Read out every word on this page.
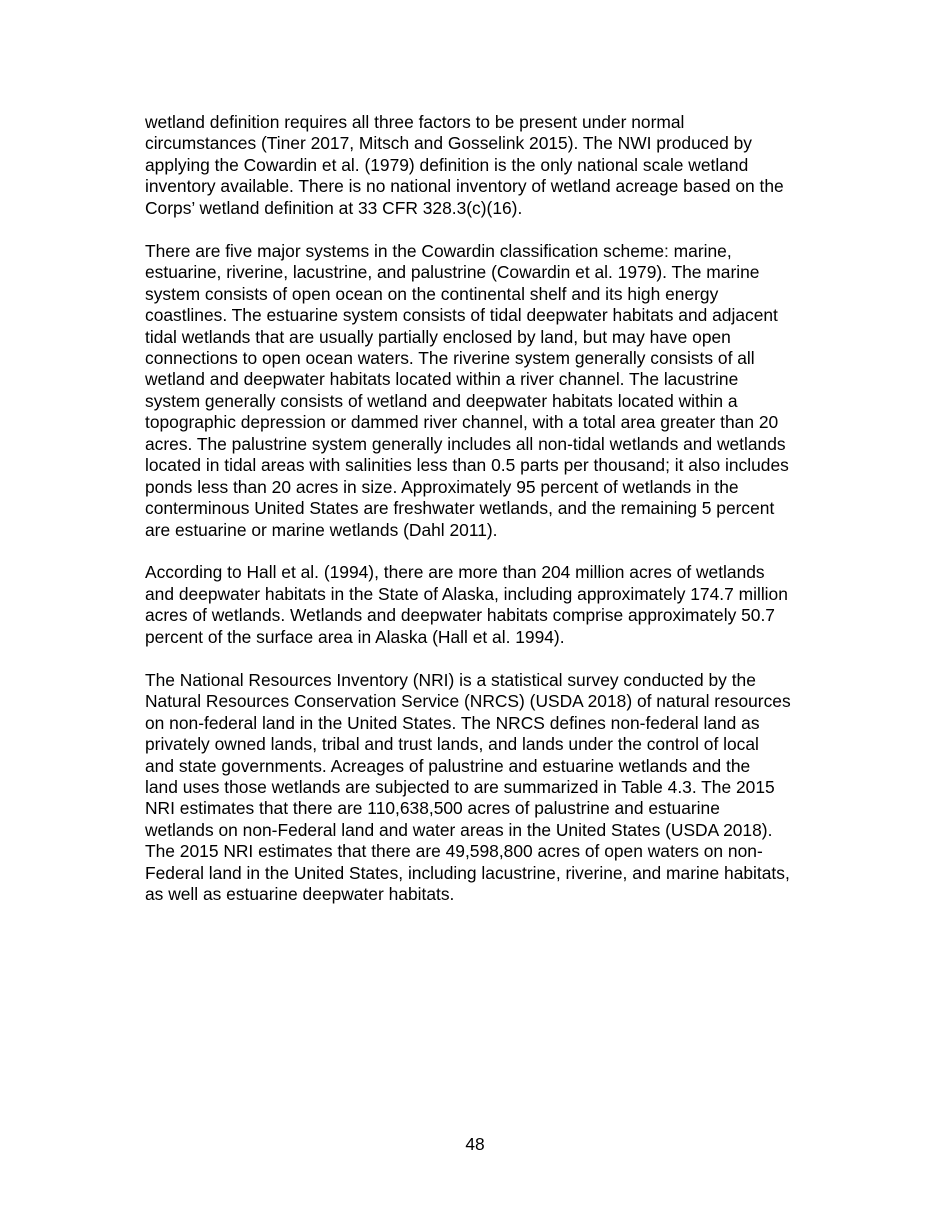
wetland definition requires all three factors to be present under normal
circumstances (Tiner 2017, Mitsch and Gosselink 2015). The NWI produced by
applying the Cowardin et al. (1979) definition is the only national scale wetland
inventory available. There is no national inventory of wetland acreage based on the
Corps’ wetland definition at 33 CFR 328.3(c)(16).

There are five major systems in the Cowardin classification scheme: marine,
estuarine, riverine, lacustrine, and palustrine (Cowardin et al. 1979). The marine
system consists of open ocean on the continental shelf and its high energy
coastlines. The estuarine system consists of tidal deepwater habitats and adjacent
tidal wetlands that are usually partially enclosed by land, but may have open
connections to open ocean waters. The riverine system generally consists of all
wetland and deepwater habitats located within a river channel. The lacustrine
system generally consists of wetland and deepwater habitats located within a
topographic depression or dammed river channel, with a total area greater than 20
acres. The palustrine system generally includes all non-tidal wetlands and wetlands
located in tidal areas with salinities less than 0.5 parts per thousand; it also includes
ponds less than 20 acres in size. Approximately 95 percent of wetlands in the
conterminous United States are freshwater wetlands, and the remaining 5 percent
are estuarine or marine wetlands (Dahl 2011).

According to Hall et al. (1994), there are more than 204 million acres of wetlands
and deepwater habitats in the State of Alaska, including approximately 174.7 million
acres of wetlands. Wetlands and deepwater habitats comprise approximately 50.7
percent of the surface area in Alaska (Hall et al. 1994).

The National Resources Inventory (NRI) is a statistical survey conducted by the
Natural Resources Conservation Service (NRCS) (USDA 2018) of natural resources
on non-federal land in the United States. The NRCS defines non-federal land as
privately owned lands, tribal and trust lands, and lands under the control of local
and state governments. Acreages of palustrine and estuarine wetlands and the
land uses those wetlands are subjected to are summarized in Table 4.3. The 2015
NRI estimates that there are 110,638,500 acres of palustrine and estuarine
wetlands on non-Federal land and water areas in the United States (USDA 2018).
The 2015 NRI estimates that there are 49,598,800 acres of open waters on non-
Federal land in the United States, including lacustrine, riverine, and marine habitats,
as well as estuarine deepwater habitats.

48
